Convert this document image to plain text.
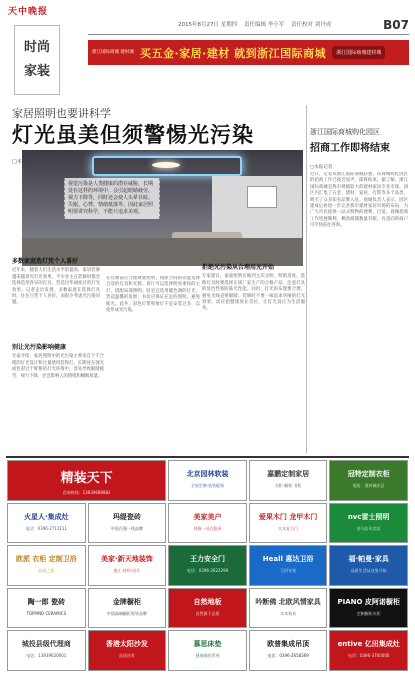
天中晚报
时尚
家装
2015年8月27日 星期四 责任编辑 李小军 责任校对 刘丹成	B07
浙江国际商城 建材城 买五金·家居·建材 就到浙江国际商城	浙江国际商城建材城
家居照明也要讲科学
灯光虽美但须警惕光污染
□本报记者
视觉污染是人类健康的潜在威胁，长期处在这样的环境中，会引起眼睛疲劳、视力下降等，同时还会使人头晕目眩、失眠、心悸、情绪低落等。因此家居照明要讲究科学，不能只追求美观。
多数家庭选灯凭个人喜好

近年来，随着人们生活水平的提高，家居装修越来越讲究灯光效果，不少业主在装修时都会选择造型各异的灯具，营造出华丽炫目的灯光效果。记者走访发现，多数家庭在选择灯具时，往往只凭个人喜好，而很少考虑光污染问题。

别让光污染影响健康

专家介绍，家居照明中的光污染主要来自于不合理的灯光设计和过量使用装饰灯。长期处在强光或色彩过于鲜艳的灯光环境中，容易导致眼睛疲劳、视力下降，还会影响人的情绪和睡眠质量。

在装修前应合理规划照明，按照空间的功能选择合适的灯具和光源。客厅可以选择明亮柔和的主灯，搭配局部照明；卧室宜选用暖色调的灯光，营造温馨的氛围；书房应保证充足的照明，避免眩光。此外，彩色灯带和射灯不宜安装过多，以免形成光污染。

拒绝光污染从合理用光开始

专家建议，家庭照明应做到主次分明、明暗适度。选购灯具时要选择正规厂家生产的合格产品，注意灯具的显色性和防眩光性能。同时，灯光的布置要合理，避免光线直射眼睛。装修时不要一味追求华丽的灯光效果，而应把健康放在首位，让灯光真正为生活服务。

浙江国际商城购化园区
招商工作即将结束
□本报记者

近日，记者从浙江国际商城获悉，该商城购化园区的招商工作已接近尾声，即将结束。据了解，浙江国际商城是我市规模较大的建材家居专业市场，园区内汇集了五金、建材、家居、灯饰等多个品类，吸引了众多知名品牌入驻。商城负责人表示，园区建成后将进一步完善我市建材家居市场的布局，为广大市民提供一站式购物的便利。目前，商城招商工作进展顺利，剩余商铺数量有限，有意向的商户可尽快前往咨询。

精装天下
咨询热线：13839688882
北京园林软装
全屋定制·软装配饰
嘉鹏定制家居
衣柜 橱柜 书柜
冠特定制衣柜
地址：建材城东区
火星人·集成灶
电话：0396-2711111
玛缇瓷砖
中国百强一线品牌
美家美户
装修一站式服务
爱果木门 龙甲木门
实木复合门
nvc雷士照明
驻马店专卖店
欧派 衣柜 定制卫浴
品质之选
美家·新天地装饰
施工·材料·设计
王力安全门
电话：0396-2622299
Heall 惠达卫浴
卫浴专家
福·帕曼·家具
品质生活从这里开始
陶一郎 瓷砖
TOPPINO CERAMICS
金牌橱柜
中国高端橱柜领导品牌
自然地板
自然源于品质
吟断佛 北欧风情家具
实木家具
PIANO 皮阿诺橱柜
定制橱柜衣柜
城投县级代理商
电话：13939620601
香港太阳沙发
品质沙发
慕思床垫
健康睡眠系统
欧普集成吊顶
电话：0396-2658369
entive 亿田集成灶
电话：0396-3700000
